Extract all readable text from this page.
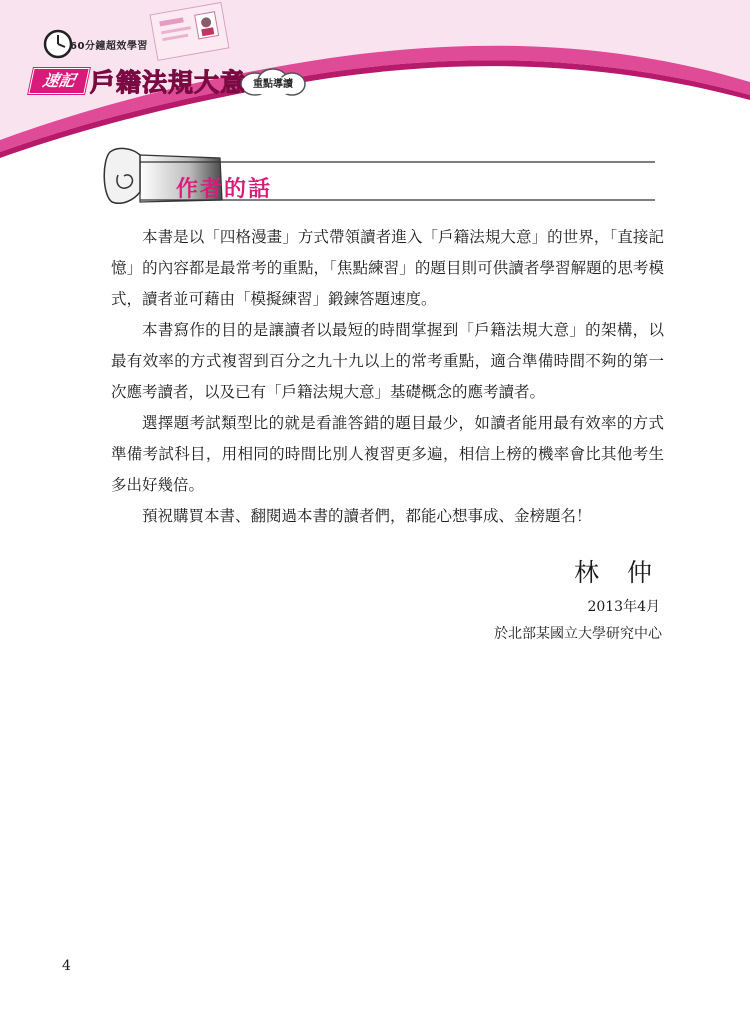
60分鐘超效學習
速記 戶籍法規大意 重點導讀
作者的話

本書是以「四格漫畫」方式帶領讀者進入「戶籍法規大意」的世界，「直接記憶」的內容都是最常考的重點，「焦點練習」的題目則可供讀者學習解題的思考模式，讀者並可藉由「模擬練習」鍛鍊答題速度。

本書寫作的目的是讓讀者以最短的時間掌握到「戶籍法規大意」的架構，以最有效率的方式複習到百分之九十九以上的常考重點，適合準備時間不夠的第一次應考讀者，以及已有「戶籍法規大意」基礎概念的應考讀者。

選擇題考試類型比的就是看誰答錯的題目最少，如讀者能用最有效率的方式準備考試科目，用相同的時間比別人複習更多遍，相信上榜的機率會比其他考生多出好幾倍。

預祝購買本書、翻閱過本書的讀者們，都能心想事成、金榜題名！

林 仲
2013年4月
於北部某國立大學研究中心
4
